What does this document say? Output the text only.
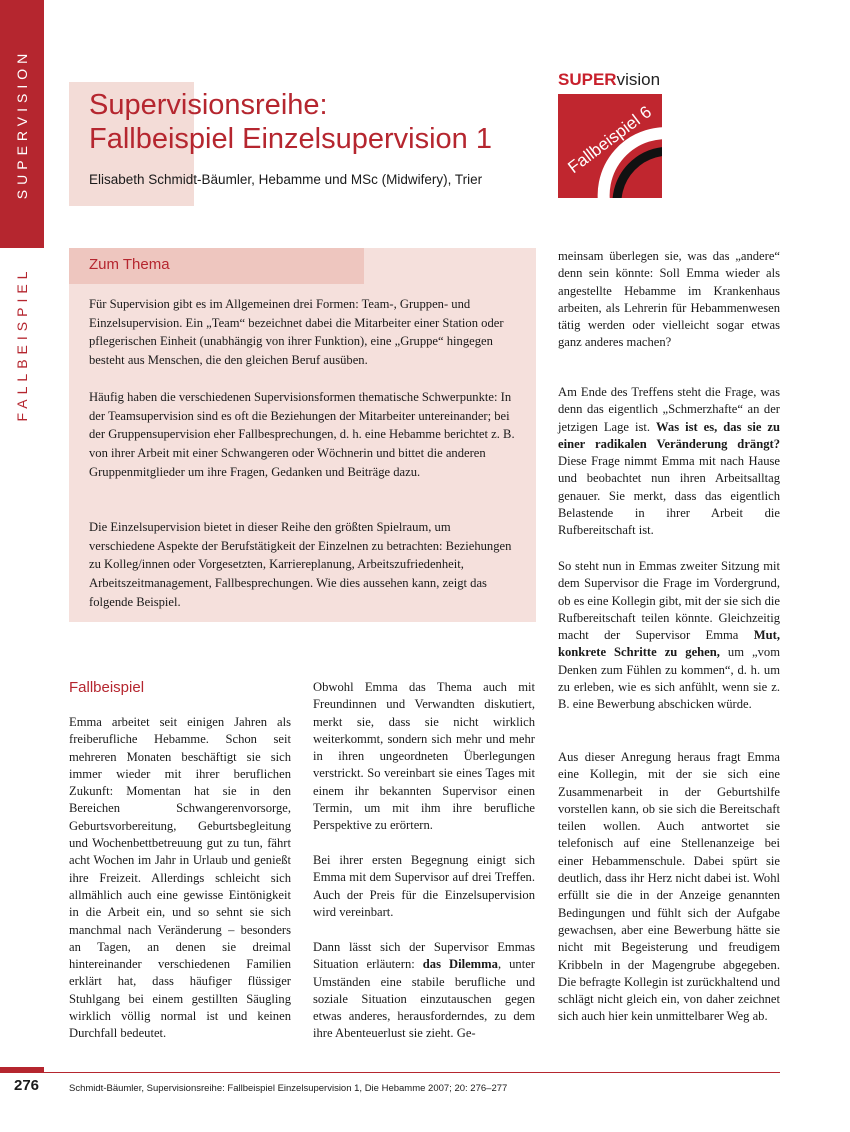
SUPERVISION
FALLBEISPIEL
Supervisionsreihe:
Fallbeispiel Einzelsupervision 1
Elisabeth Schmidt-Bäumler, Hebamme und MSc (Midwifery), Trier
SUPERvision
Fallbeispiel 6
Zum Thema

Für Supervision gibt es im Allgemeinen drei Formen: Team-, Gruppen- und Einzelsupervision. Ein „Team“ bezeichnet dabei die Mitarbeiter einer Station oder pflegerischen Einheit (unabhängig von ihrer Funktion), eine „Gruppe“ hingegen besteht aus Menschen, die den gleichen Beruf ausüben.

Häufig haben die verschiedenen Supervisionsformen thematische Schwerpunkte: In der Teamsupervision sind es oft die Beziehungen der Mitarbeiter untereinander; bei der Gruppensupervision eher Fallbesprechungen, d. h. eine Hebamme berichtet z. B. von ihrer Arbeit mit einer Schwangeren oder Wöchnerin und bittet die anderen Gruppenmitglieder um ihre Fragen, Gedanken und Beiträge dazu.

Die Einzelsupervision bietet in dieser Reihe den größten Spielraum, um verschiedene Aspekte der Berufstätigkeit der Einzelnen zu betrachten: Beziehungen zu Kolleg/innen oder Vorgesetzten, Karriereplanung, Arbeitszufriedenheit, Arbeitszeitmanagement, Fallbesprechungen. Wie dies aussehen kann, zeigt das folgende Beispiel.

Fallbeispiel

Emma arbeitet seit einigen Jahren als freiberufliche Hebamme. Schon seit mehreren Monaten beschäftigt sie sich immer wieder mit ihrer beruflichen Zukunft: Momentan hat sie in den Bereichen Schwangerenvorsorge, Geburtsvorbereitung, Geburtsbegleitung und Wochenbettbetreuung gut zu tun, fährt acht Wochen im Jahr in Urlaub und genießt ihre Freizeit. Allerdings schleicht sich allmählich auch eine gewisse Eintönigkeit in die Arbeit ein, und so sehnt sie sich manchmal nach Veränderung – besonders an Tagen, an denen sie dreimal hintereinander verschiedenen Familien erklärt hat, dass häufiger flüssiger Stuhlgang bei einem gestillten Säugling wirklich völlig normal ist und keinen Durchfall bedeutet.

Obwohl Emma das Thema auch mit Freundinnen und Verwandten diskutiert, merkt sie, dass sie nicht wirklich weiterkommt, sondern sich mehr und mehr in ihren ungeordneten Überlegungen verstrickt. So vereinbart sie eines Tages mit einem ihr bekannten Supervisor einen Termin, um mit ihm ihre berufliche Perspektive zu erörtern.

Bei ihrer ersten Begegnung einigt sich Emma mit dem Supervisor auf drei Treffen. Auch der Preis für die Einzelsupervision wird vereinbart.

Dann lässt sich der Supervisor Emmas Situation erläutern: das Dilemma, unter Umständen eine stabile berufliche und soziale Situation einzutauschen gegen etwas anderes, herausforderndes, zu dem ihre Abenteuerlust sie zieht. Ge-

meinsam überlegen sie, was das „andere“ denn sein könnte: Soll Emma wieder als angestellte Hebamme im Krankenhaus arbeiten, als Lehrerin für Hebammenwesen tätig werden oder vielleicht sogar etwas ganz anderes machen?

Am Ende des Treffens steht die Frage, was denn das eigentlich „Schmerzhafte“ an der jetzigen Lage ist. Was ist es, das sie zu einer radikalen Veränderung drängt? Diese Frage nimmt Emma mit nach Hause und beobachtet nun ihren Arbeitsalltag genauer. Sie merkt, dass das eigentlich Belastende in ihrer Arbeit die Rufbereitschaft ist.

So steht nun in Emmas zweiter Sitzung mit dem Supervisor die Frage im Vordergrund, ob es eine Kollegin gibt, mit der sie sich die Rufbereitschaft teilen könnte. Gleichzeitig macht der Supervisor Emma Mut, konkrete Schritte zu gehen, um „vom Denken zum Fühlen zu kommen“, d. h. um zu erleben, wie es sich anfühlt, wenn sie z. B. eine Bewerbung abschicken würde.

Aus dieser Anregung heraus fragt Emma eine Kollegin, mit der sie sich eine Zusammenarbeit in der Geburtshilfe vorstellen kann, ob sie sich die Bereitschaft teilen wollen. Auch antwortet sie telefonisch auf eine Stellenanzeige bei einer Hebammenschule. Dabei spürt sie deutlich, dass ihr Herz nicht dabei ist. Wohl erfüllt sie die in der Anzeige genannten Bedingungen und fühlt sich der Aufgabe gewachsen, aber eine Bewerbung hätte sie nicht mit Begeisterung und freudigem Kribbeln in der Magengrube abgegeben. Die befragte Kollegin ist zurückhaltend und schlägt nicht gleich ein, von daher zeichnet sich auch hier kein unmittelbarer Weg ab.

276	Schmidt-Bäumler, Supervisionsreihe: Fallbeispiel Einzelsupervision 1, Die Hebamme 2007; 20: 276–277
